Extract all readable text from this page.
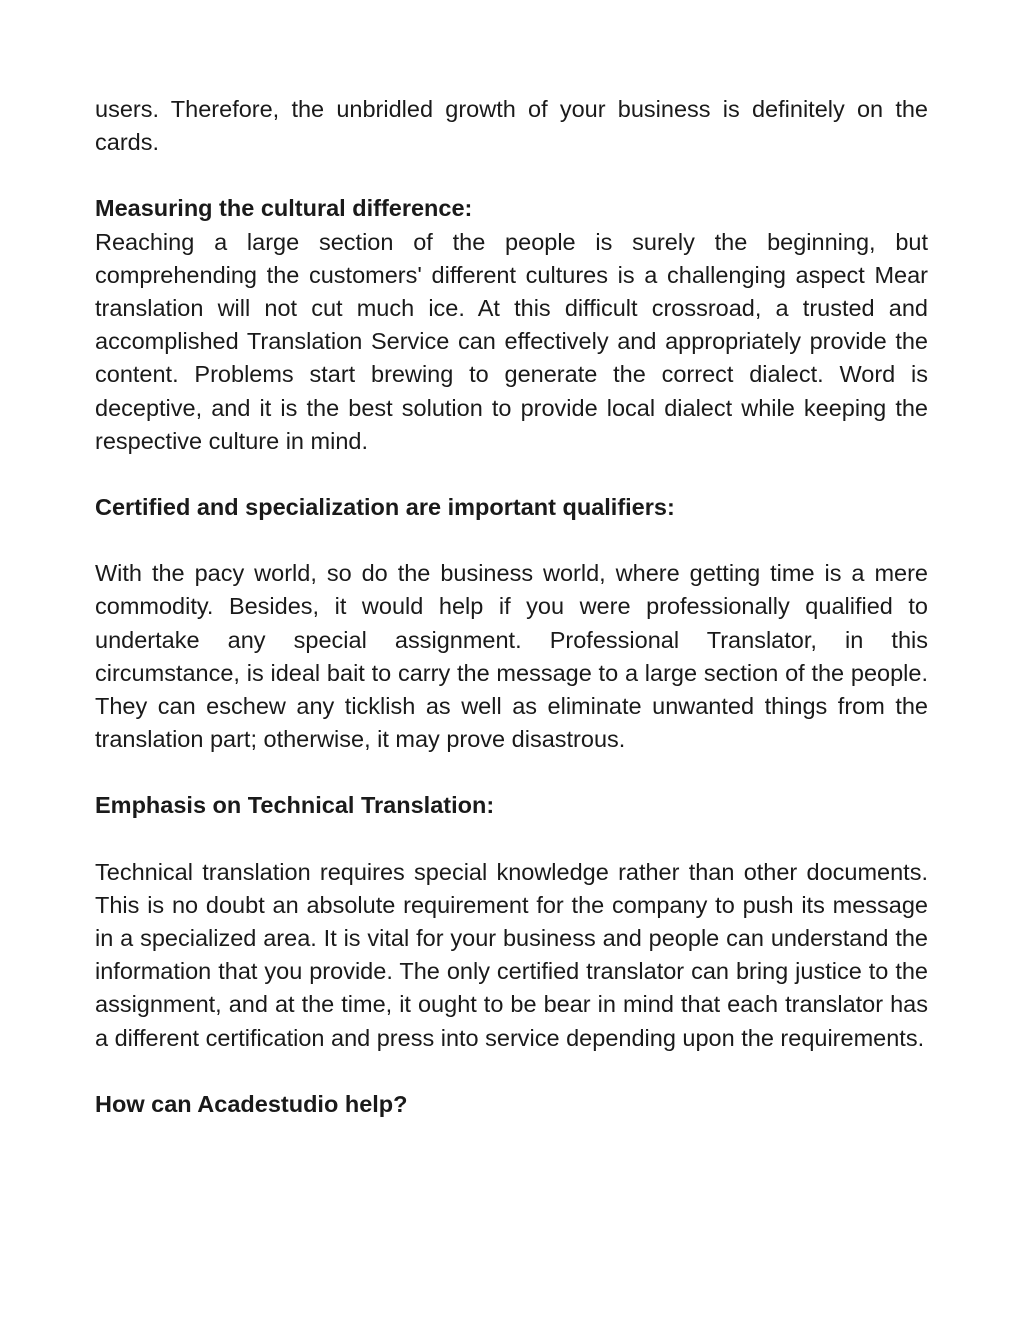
users. Therefore, the unbridled growth of your business is definitely on the cards.

Measuring the cultural difference:

Reaching a large section of the people is surely the beginning, but comprehending the customers' different cultures is a challenging aspect Mear translation will not cut much ice. At this difficult crossroad, a trusted and accomplished Translation Service can effectively and appropriately provide the content. Problems start brewing to generate the correct dialect. Word is deceptive, and it is the best solution to provide local dialect while keeping the respective culture in mind.

Certified and specialization are important qualifiers:

With the pacy world, so do the business world, where getting time is a mere commodity. Besides, it would help if you were professionally qualified to undertake any special assignment. Professional Translator, in this circumstance, is ideal bait to carry the message to a large section of the people. They can eschew any ticklish as well as eliminate unwanted things from the translation part; otherwise, it may prove disastrous.

Emphasis on Technical Translation:

Technical translation requires special knowledge rather than other documents. This is no doubt an absolute requirement for the company to push its message in a specialized area. It is vital for your business and people can understand the information that you provide. The only certified translator can bring justice to the assignment, and at the time, it ought to be bear in mind that each translator has a different certification and press into service depending upon the requirements.

How can Acadestudio help?
